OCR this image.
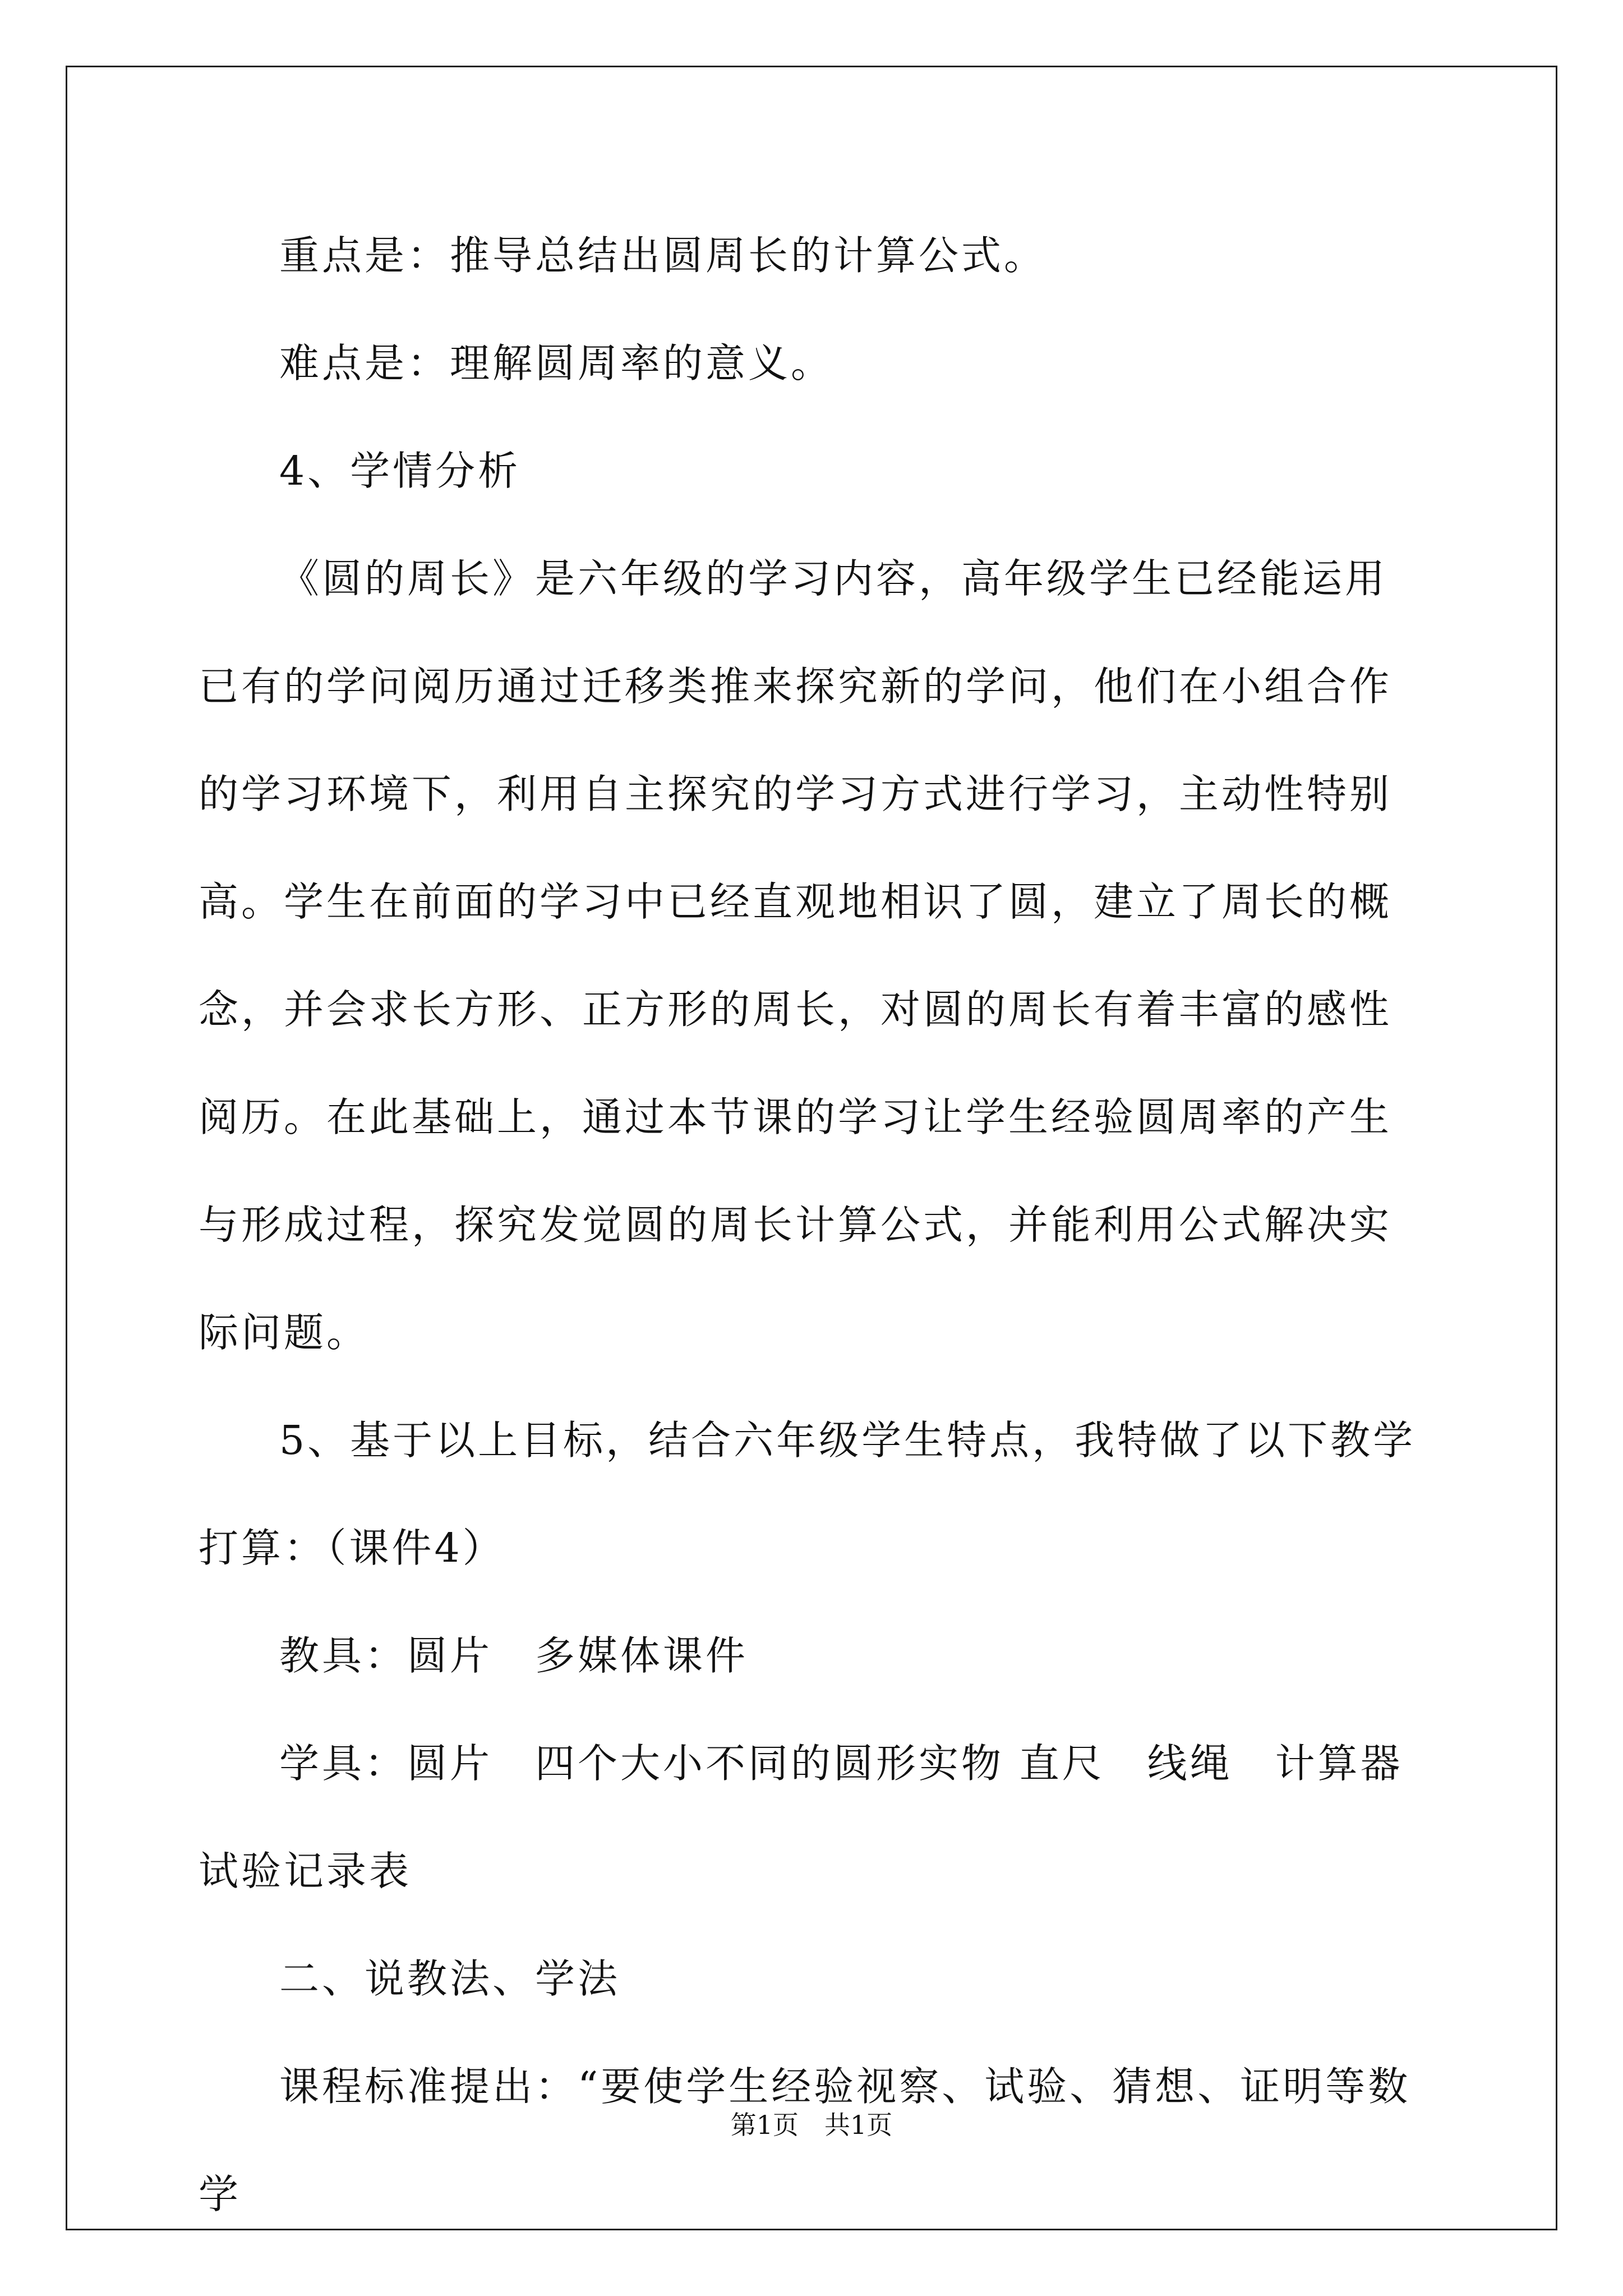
重点是：推导总结出圆周长的计算公式。

难点是：理解圆周率的意义。

4、学情分析

《圆的周长》是六年级的学习内容，高年级学生已经能运用已有的学问阅历通过迁移类推来探究新的学问，他们在小组合作的学习环境下，利用自主探究的学习方式进行学习，主动性特别高。学生在前面的学习中已经直观地相识了圆，建立了周长的概念，并会求长方形、正方形的周长，对圆的周长有着丰富的感性阅历。在此基础上，通过本节课的学习让学生经验圆周率的产生与形成过程，探究发觉圆的周长计算公式，并能利用公式解决实际问题。

5、基于以上目标，结合六年级学生特点，我特做了以下教学打算：（课件4）

教具：圆片　多媒体课件

学具：圆片　四个大小不同的圆形实物 直尺　线绳　计算器 试验记录表

二、说教法、学法

课程标准提出：“要使学生经验视察、试验、猜想、证明等数学

第1页　共1页
